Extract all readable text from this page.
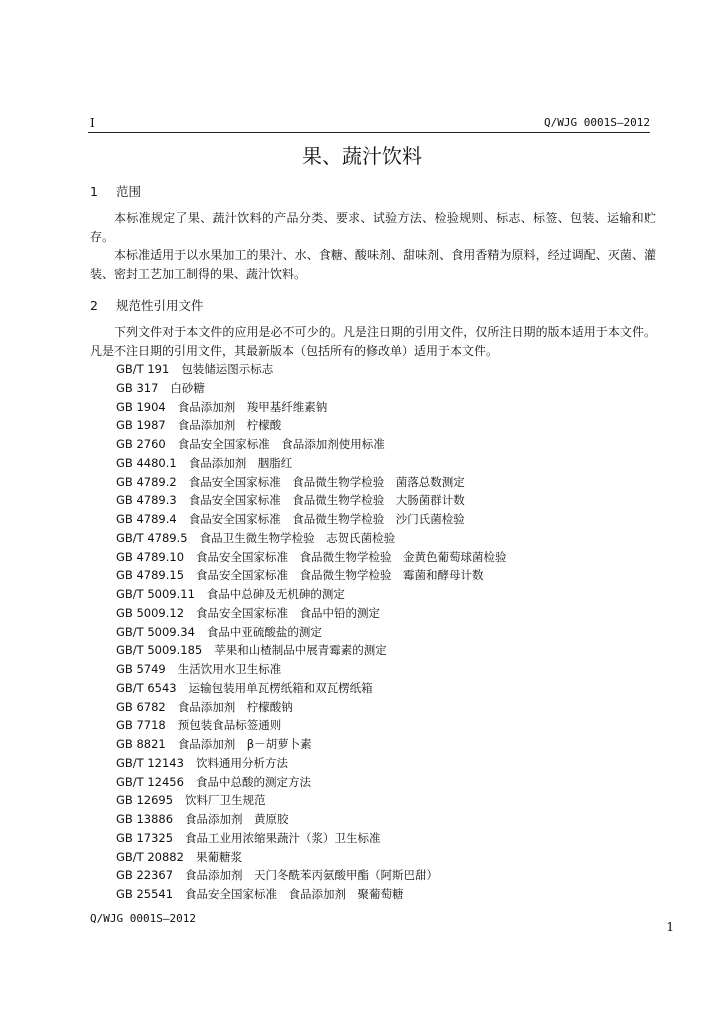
I	Q/WJG 0001S—2012
果、蔬汁饮料
1 范围
本标准规定了果、蔬汁饮料的产品分类、要求、试验方法、检验规则、标志、标签、包装、运输和贮存。
本标准适用于以水果加工的果汁、水、食糖、酸味剂、甜味剂、食用香精为原料，经过调配、灭菌、灌装、密封工艺加工制得的果、蔬汁饮料。
2 规范性引用文件
下列文件对于本文件的应用是必不可少的。凡是注日期的引用文件，仅所注日期的版本适用于本文件。凡是不注日期的引用文件，其最新版本（包括所有的修改单）适用于本文件。
GB/T 191 包装储运图示标志
GB 317 白砂糖
GB 1904 食品添加剂　羧甲基纤维素钠
GB 1987 食品添加剂　柠檬酸
GB 2760 食品安全国家标准　食品添加剂使用标准
GB 4480.1 食品添加剂　胭脂红
GB 4789.2 食品安全国家标准　食品微生物学检验　菌落总数测定
GB 4789.3 食品安全国家标准　食品微生物学检验　大肠菌群计数
GB 4789.4 食品安全国家标准　食品微生物学检验　沙门氏菌检验
GB/T 4789.5 食品卫生微生物学检验　志贺氏菌检验
GB 4789.10 食品安全国家标准　食品微生物学检验　金黄色葡萄球菌检验
GB 4789.15 食品安全国家标准　食品微生物学检验　霉菌和酵母计数
GB/T 5009.11 食品中总砷及无机砷的测定
GB 5009.12 食品安全国家标准　食品中铅的测定
GB/T 5009.34 食品中亚硫酸盐的测定
GB/T 5009.185 苹果和山楂制品中展青霉素的测定
GB 5749 生活饮用水卫生标准
GB/T 6543 运输包装用单瓦楞纸箱和双瓦楞纸箱
GB 6782 食品添加剂　柠檬酸钠
GB 7718 预包装食品标签通则
GB 8821 食品添加剂　β－胡萝卜素
GB/T 12143 饮料通用分析方法
GB/T 12456 食品中总酸的测定方法
GB 12695 饮料厂卫生规范
GB 13886 食品添加剂　黄原胶
GB 17325 食品工业用浓缩果蔬汁（浆）卫生标准
GB/T 20882 果葡糖浆
GB 22367 食品添加剂　天门冬酰苯丙氨酸甲酯（阿斯巴甜）
GB 25541 食品安全国家标准　食品添加剂　聚葡萄糖
Q/WJG 0001S—2012
1
